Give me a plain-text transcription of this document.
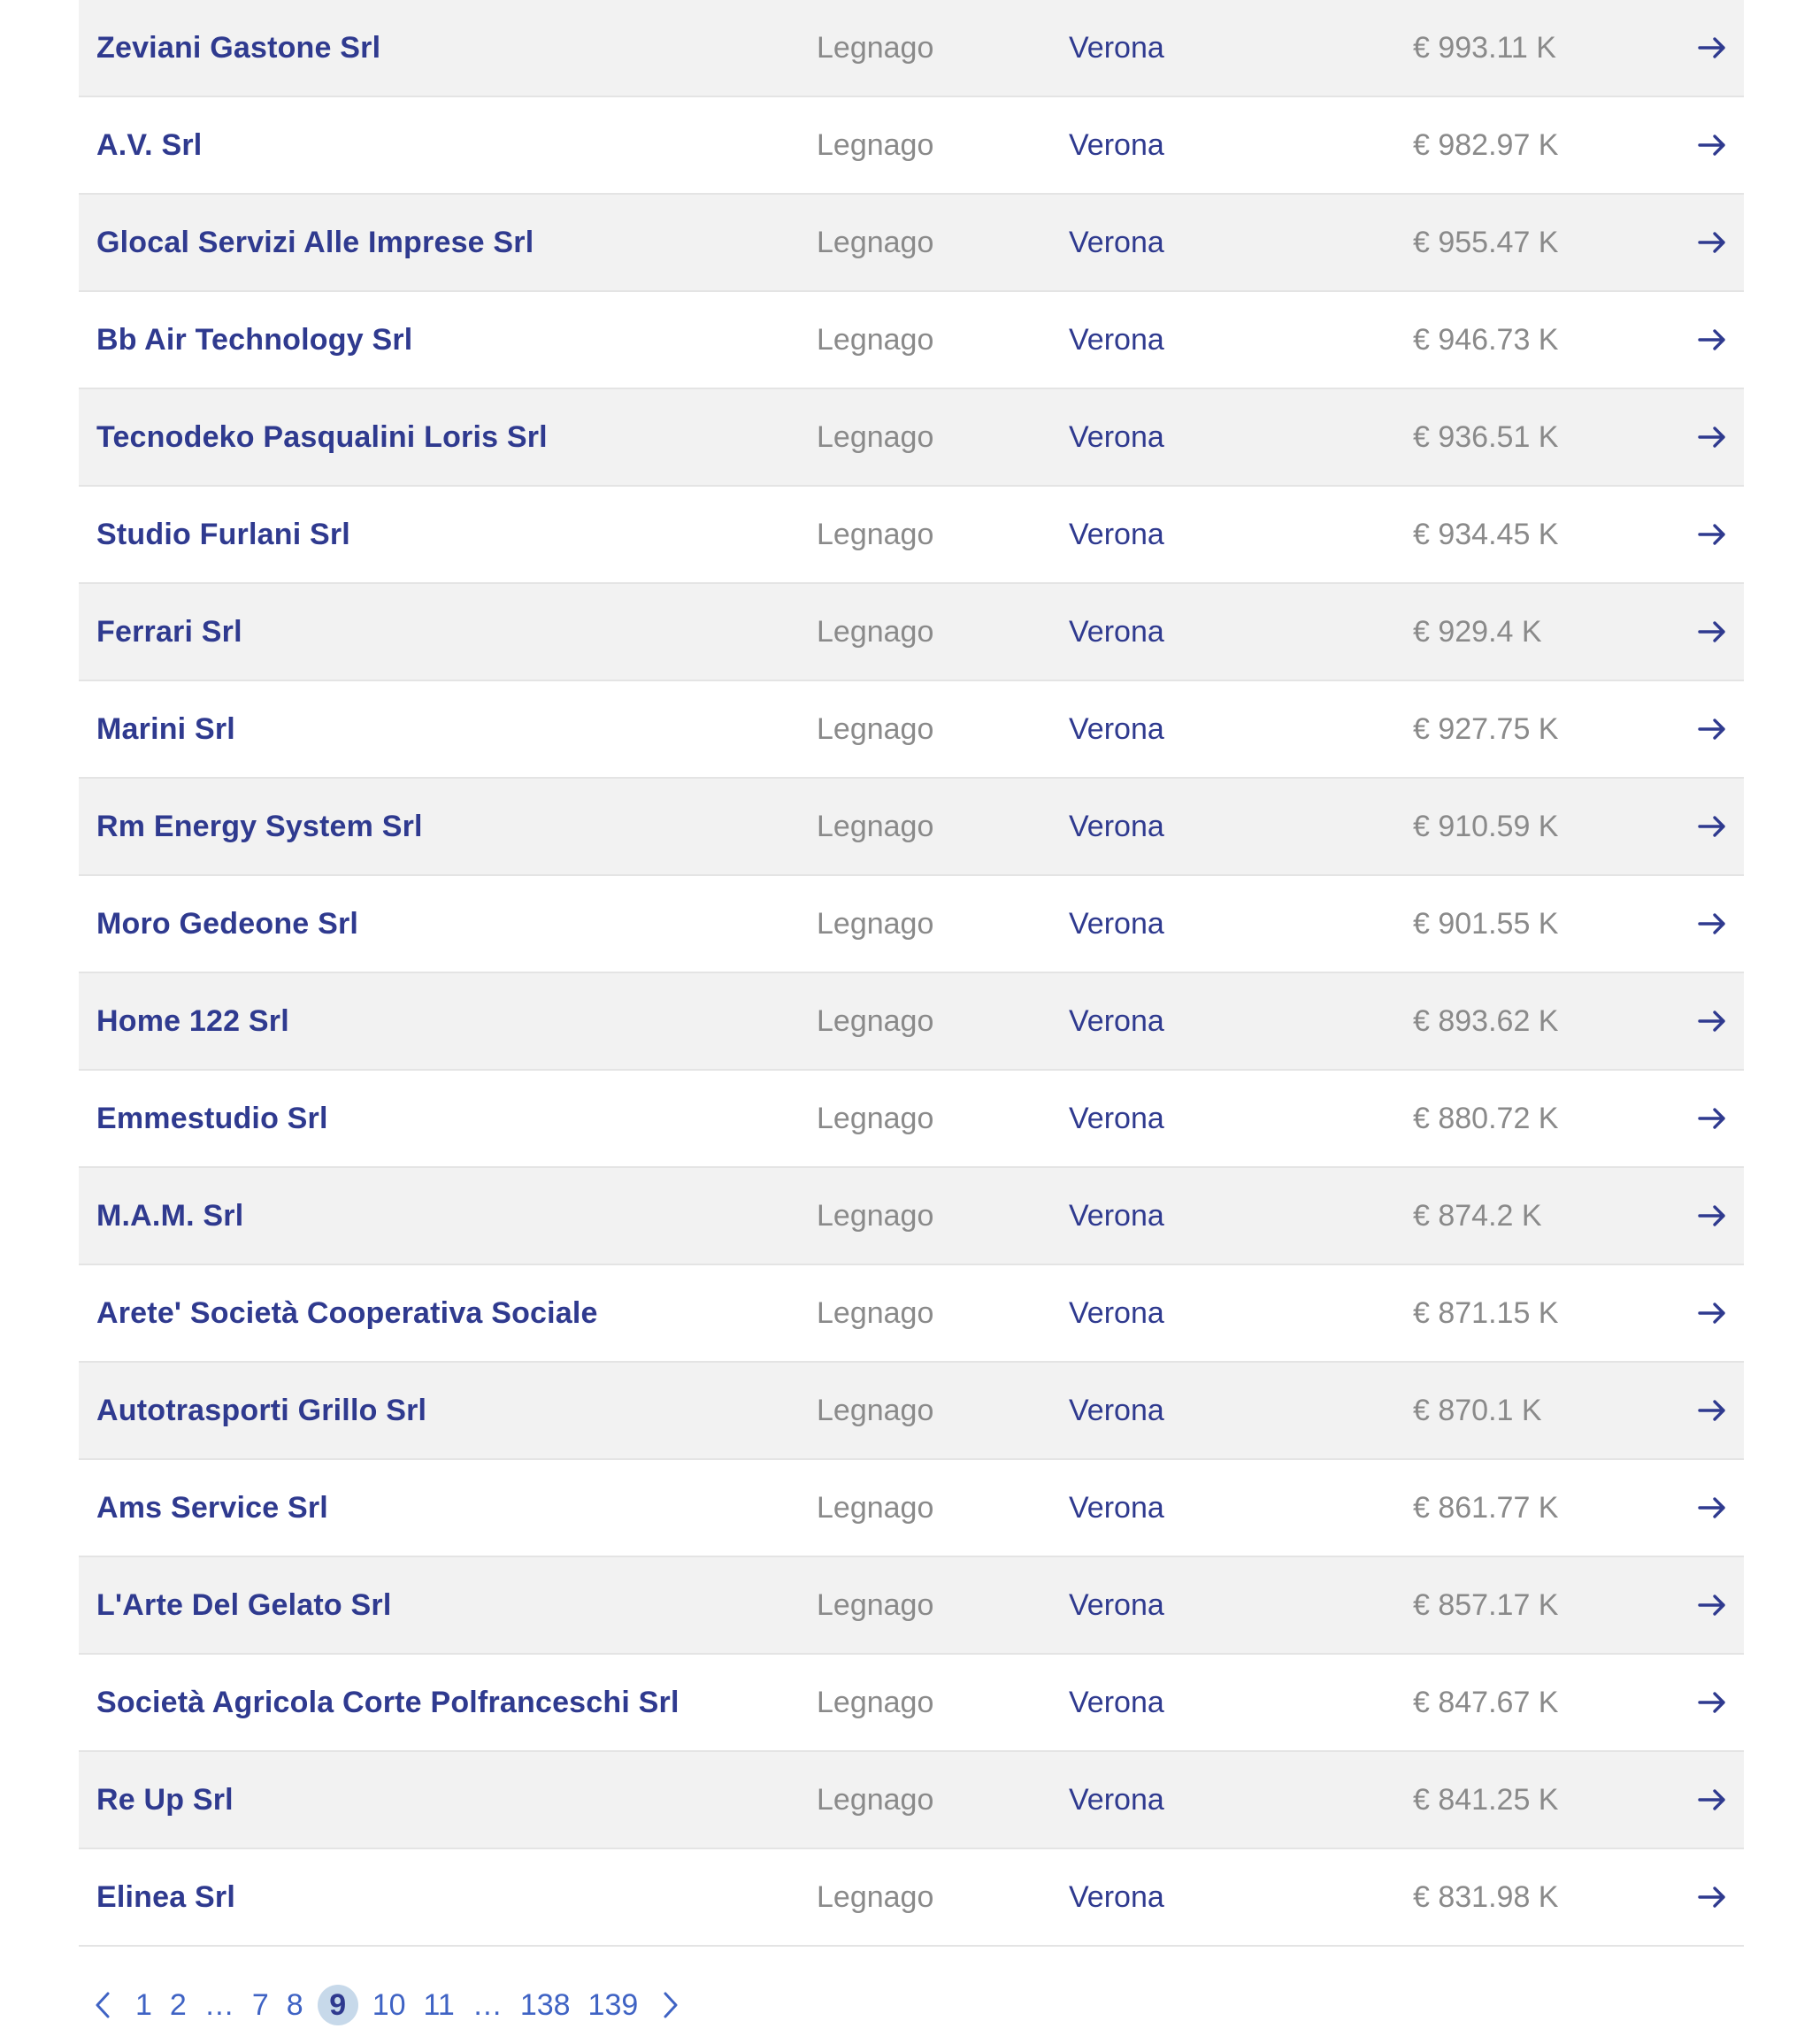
Zeviani Gastone Srl	Legnago	Verona	€ 993.11 K
A.V. Srl	Legnago	Verona	€ 982.97 K
Glocal Servizi Alle Imprese Srl	Legnago	Verona	€ 955.47 K
Bb Air Technology Srl	Legnago	Verona	€ 946.73 K
Tecnodeko Pasqualini Loris Srl	Legnago	Verona	€ 936.51 K
Studio Furlani Srl	Legnago	Verona	€ 934.45 K
Ferrari Srl	Legnago	Verona	€ 929.4 K
Marini Srl	Legnago	Verona	€ 927.75 K
Rm Energy System Srl	Legnago	Verona	€ 910.59 K
Moro Gedeone Srl	Legnago	Verona	€ 901.55 K
Home 122 Srl	Legnago	Verona	€ 893.62 K
Emmestudio Srl	Legnago	Verona	€ 880.72 K
M.A.M. Srl	Legnago	Verona	€ 874.2 K
Arete' Società Cooperativa Sociale	Legnago	Verona	€ 871.15 K
Autotrasporti Grillo Srl	Legnago	Verona	€ 870.1 K
Ams Service Srl	Legnago	Verona	€ 861.77 K
L'Arte Del Gelato Srl	Legnago	Verona	€ 857.17 K
Società Agricola Corte Polfranceschi Srl	Legnago	Verona	€ 847.67 K
Re Up Srl	Legnago	Verona	€ 841.25 K
Elinea Srl	Legnago	Verona	€ 831.98 K
1 2 … 7 8 9 10 11 … 138 139
